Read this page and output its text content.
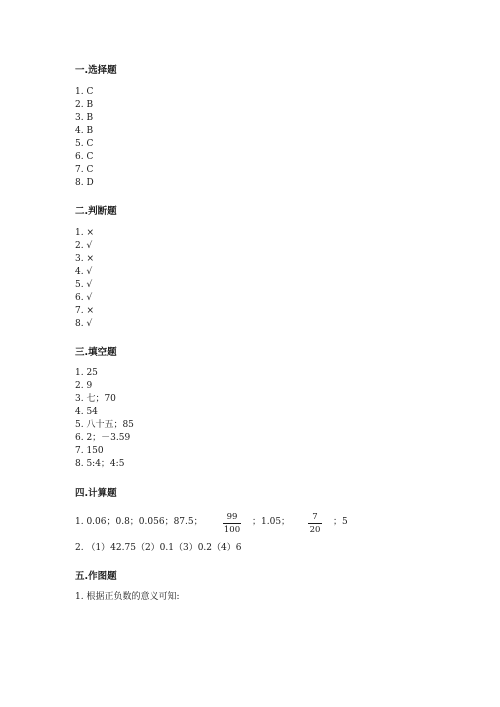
一.选择题
1. C
2. B
3. B
4. B
5. C
6. C
7. C
8. D
二.判断题
1. ×
2. √
3. ×
4. √
5. √
6. √
7. ×
8. √
三.填空题
1. 25
2. 9
3. 七；70
4. 54
5. 八十五；85
6. 2；－3.59
7. 150
8. 5:4；4:5
四.计算题
1. 0.06；0.8；0.056；87.5；	99
100
；1.05；	7
20
；5
2. （1）42.75（2）0.1（3）0.2（4）6
五.作图题
1. 根据正负数的意义可知:
